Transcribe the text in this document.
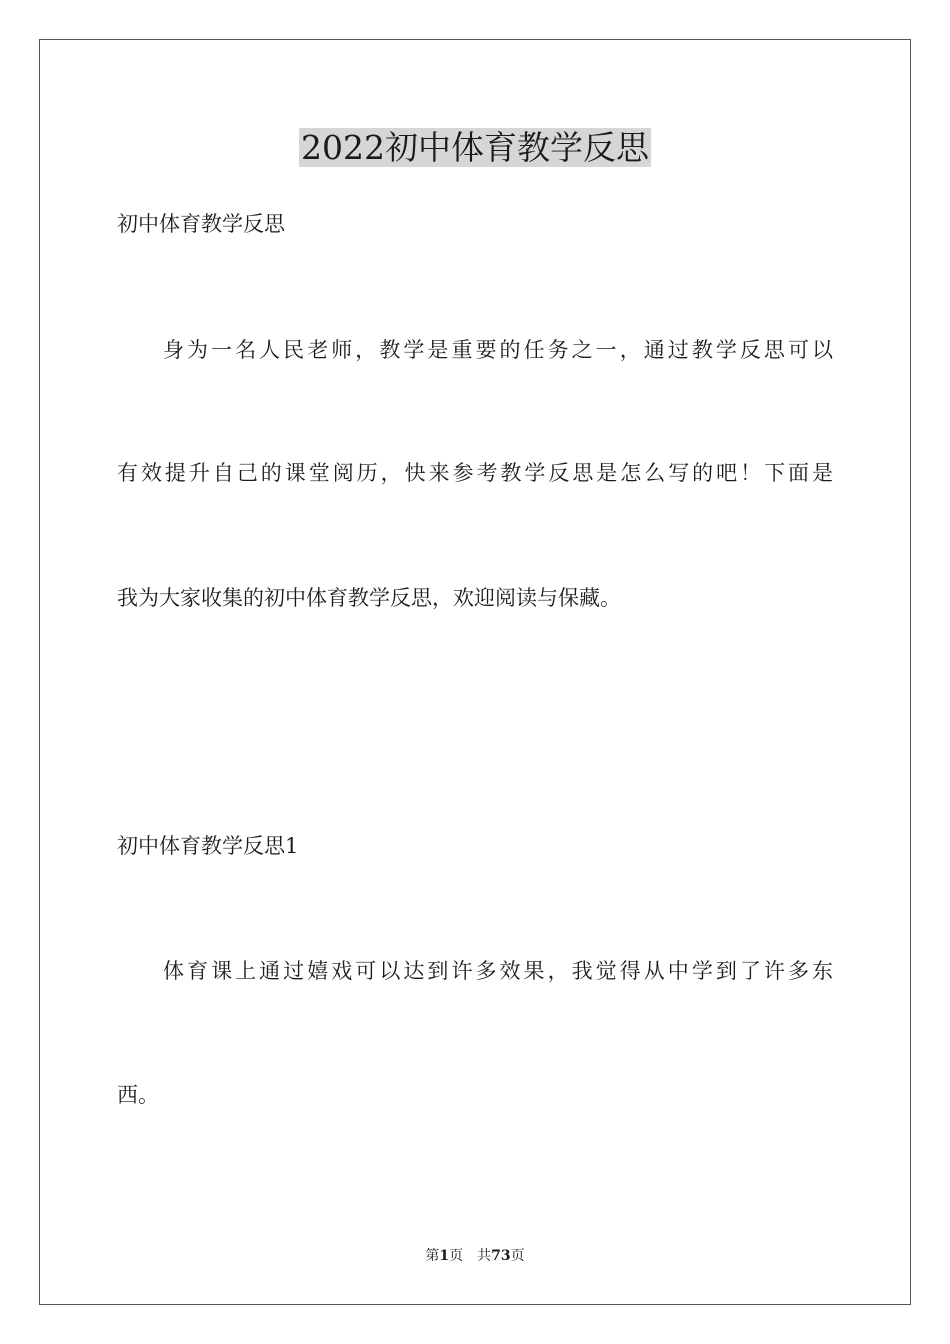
2022初中体育教学反思

初中体育教学反思

身为一名人民老师，教学是重要的任务之一，通过教学反思可以

有效提升自己的课堂阅历，快来参考教学反思是怎么写的吧！下面是

我为大家收集的初中体育教学反思，欢迎阅读与保藏。

初中体育教学反思1

体育课上通过嬉戏可以达到许多效果，我觉得从中学到了许多东

西。

第1页 共73页
